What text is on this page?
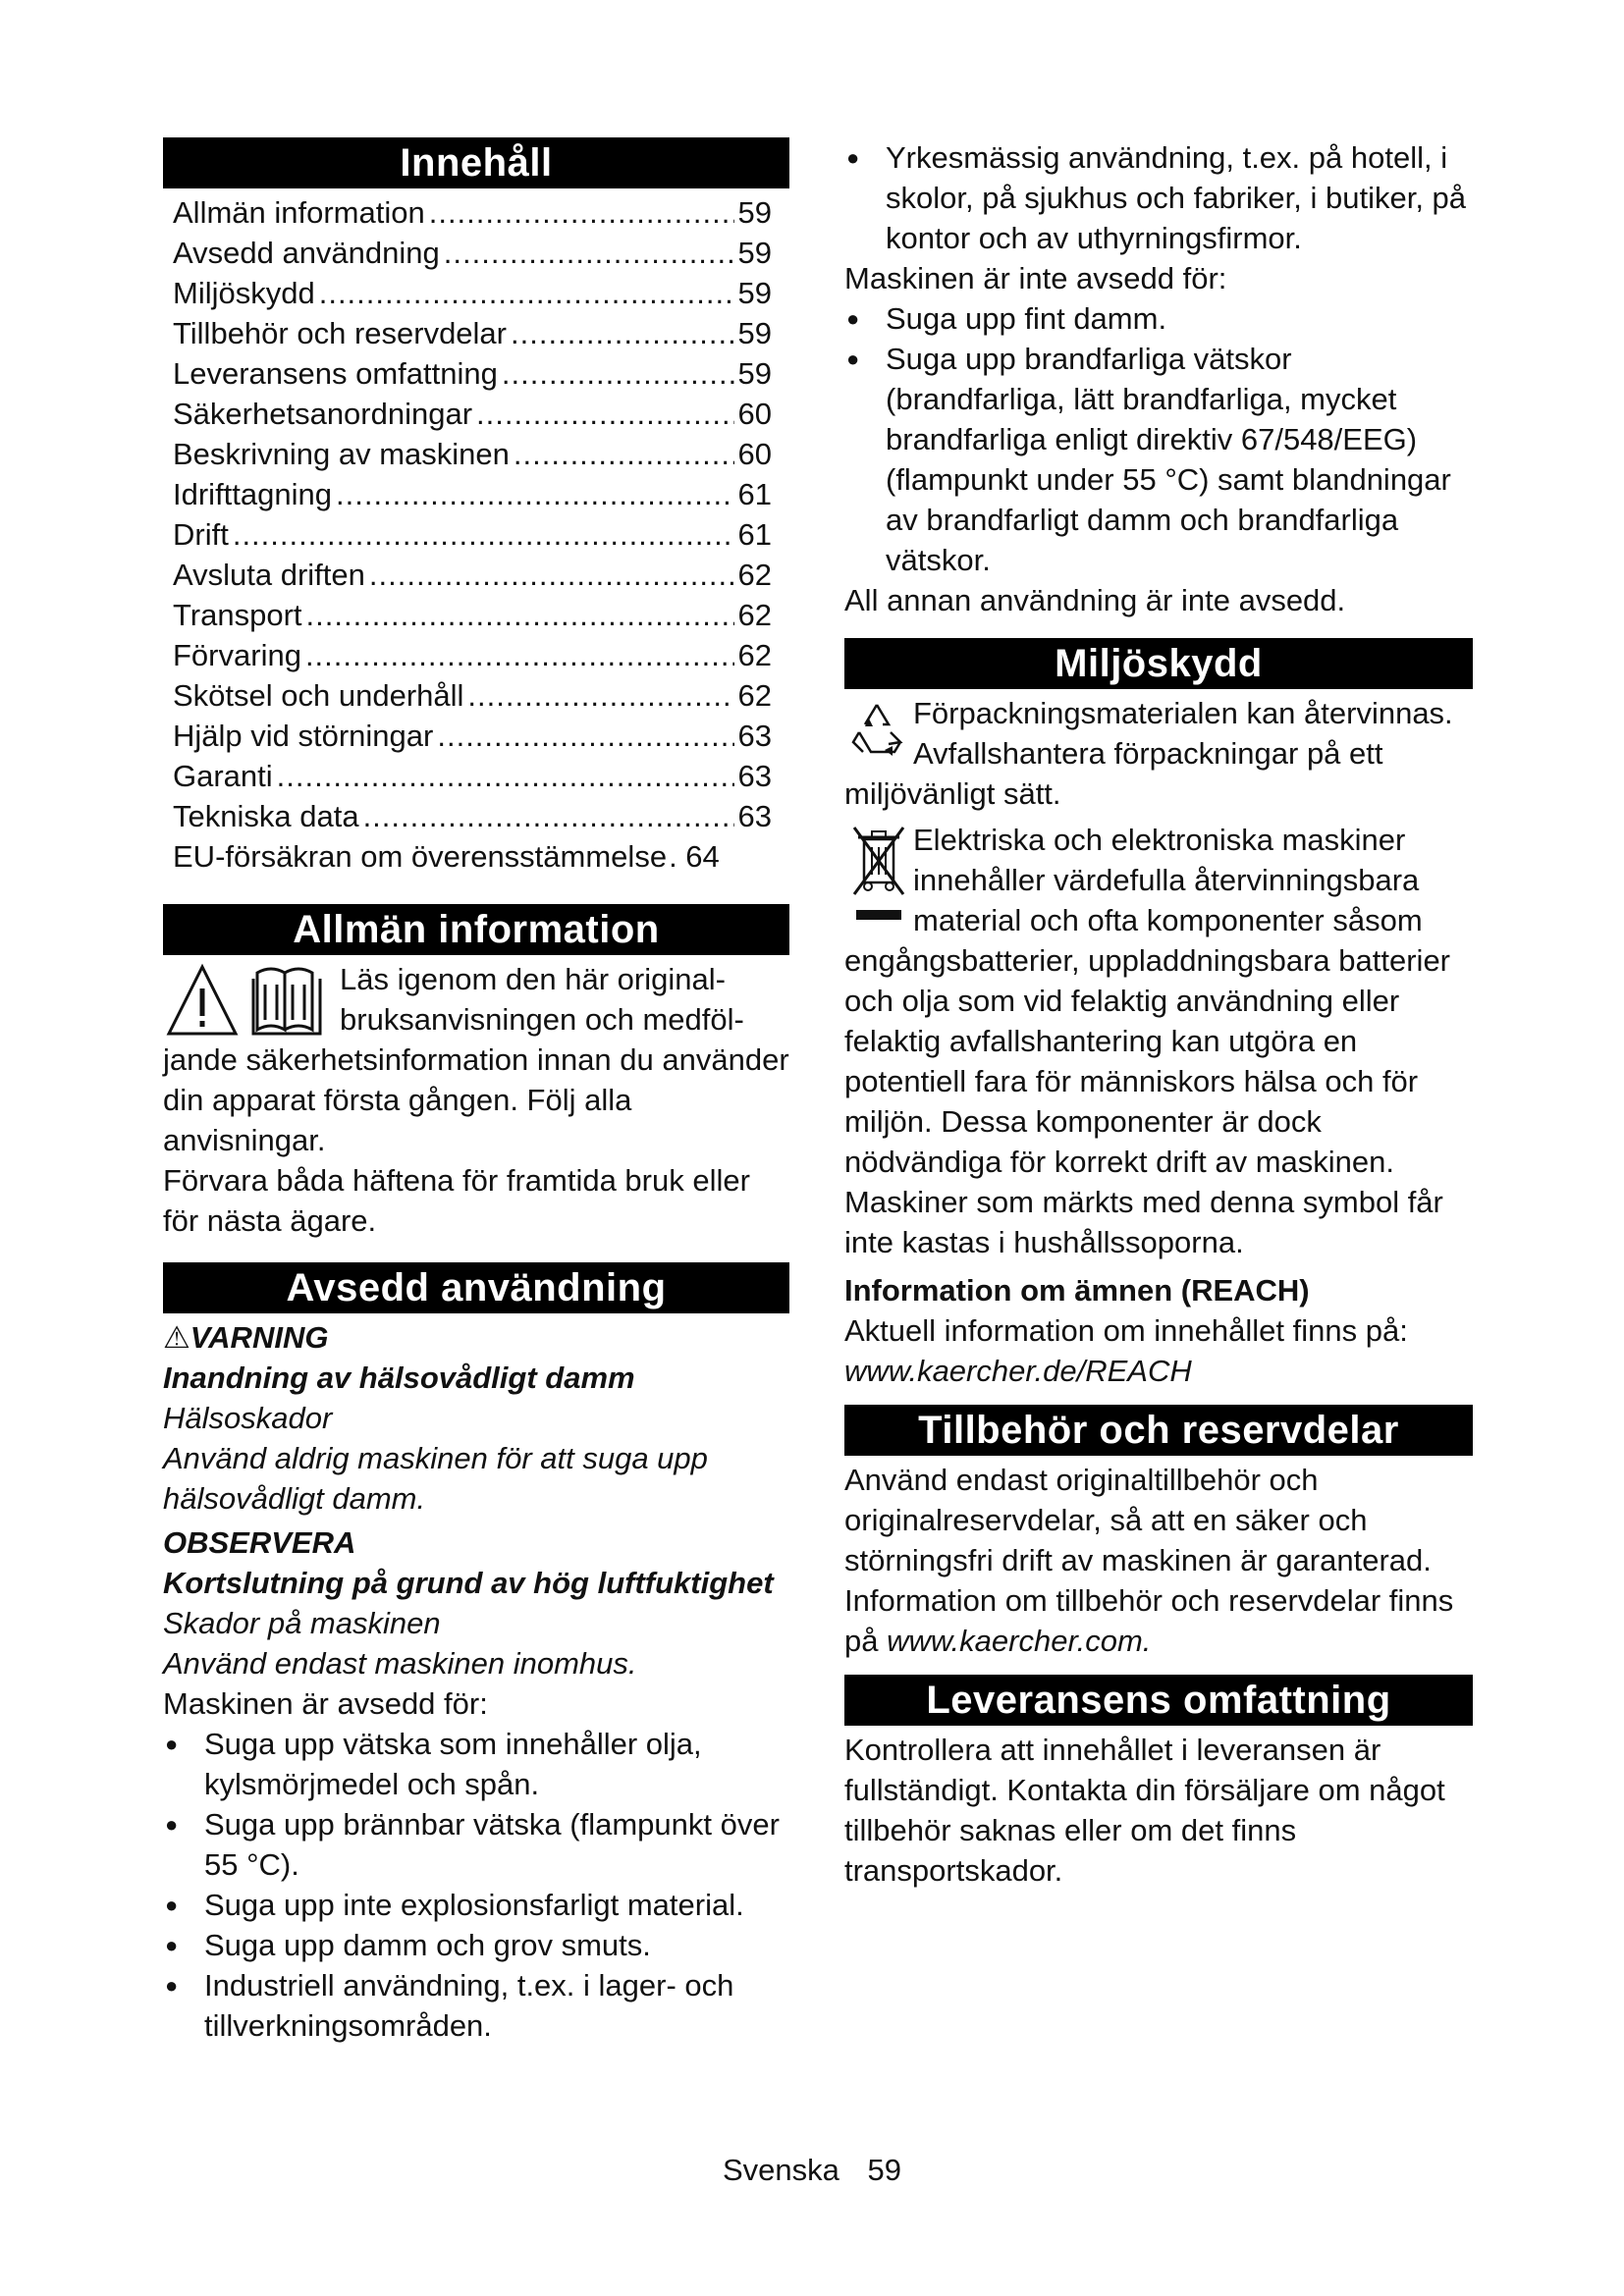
Innehåll
Allmän information .....	59
Avsedd användning .....	59
Miljöskydd .....	59
Tillbehör och reservdelar .....	59
Leveransens omfattning .....	59
Säkerhetsanordningar .....	60
Beskrivning av maskinen .....	60
Idrifttagning .....	61
Drift .....	61
Avsluta driften .....	62
Transport .....	62
Förvaring .....	62
Skötsel och underhåll .....	62
Hjälp vid störningar .....	63
Garanti .....	63
Tekniska data .....	63
EU-försäkran om överensstämmelse . 64
Allmän information

Läs igenom den här original-
bruksanvisningen och medföl-
jande säkerhetsinformation innan du använder din apparat första gången. Följ alla anvisningar.

Förvara båda häftena för framtida bruk eller för nästa ägare.

Avsedd användning

⚠VARNING

Inandning av hälsovådligt damm

Hälsoskador

Använd aldrig maskinen för att suga upp hälsovådligt damm.

OBSERVERA

Kortslutning på grund av hög luftfuktighet

Skador på maskinen

Använd endast maskinen inomhus.

Maskinen är avsedd för:

● Suga upp vätska som innehåller olja, kylsmörjmedel och spån.
● Suga upp brännbar vätska (flampunkt över 55 °C).
● Suga upp inte explosionsfarligt material.
● Suga upp damm och grov smuts.
● Industriell användning, t.ex. i lager- och tillverkningsområden.
● Yrkesmässig användning, t.ex. på hotell, i skolor, på sjukhus och fabriker, i butiker, på kontor och av uthyrningsfirmor.

Maskinen är inte avsedd för:

● Suga upp fint damm.
● Suga upp brandfarliga vätskor (brandfarliga, lätt brandfarliga, mycket brandfarliga enligt direktiv 67/548/EEG) (flampunkt under 55 °C) samt blandningar av brandfarligt damm och brandfarliga vätskor.

All annan användning är inte avsedd.

Miljöskydd

Förpackningsmaterialen kan återvinnas. Avfallshantera förpackningar på ett miljövänligt sätt.

Elektriska och elektroniska maskiner innehåller värdefulla återvinningsbara material och ofta komponenter såsom engångsbatterier, uppladdningsbara batterier och olja som vid felaktig användning eller felaktig avfallshantering kan utgöra en potentiell fara för människors hälsa och för miljön. Dessa komponenter är dock nödvändiga för korrekt drift av maskinen. Maskiner som märkts med denna symbol får inte kastas i hushållssoporna.

Information om ämnen (REACH)

Aktuell information om innehållet finns på:

www.kaercher.de/REACH

Tillbehör och reservdelar

Använd endast originaltillbehör och originalreservdelar, så att en säker och störningsfri drift av maskinen är garanterad. Information om tillbehör och reservdelar finns på www.kaercher.com.

Leveransens omfattning

Kontrollera att innehållet i leveransen är fullständigt. Kontakta din försäljare om något tillbehör saknas eller om det finns transportskador.

Svenska 59
